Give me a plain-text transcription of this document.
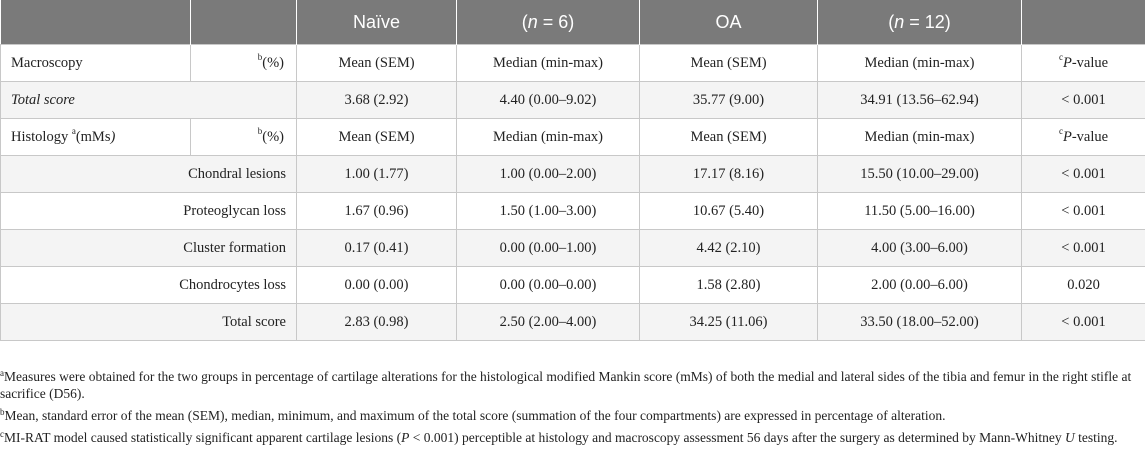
		Naïve	(n = 6)	OA	(n = 12)	
Macroscopy	$^b$(%)	Mean (SEM)	Median (min-max)	Mean (SEM)	Median (min-max)	$^c$P-value
Total score		3.68 (2.92)	4.40 (0.00–9.02)	35.77 (9.00)	34.91 (13.56–62.94)	< 0.001
Histology $^a$(mMs)	$^b$(%)	Mean (SEM)	Median (min-max)	Mean (SEM)	Median (min-max)	$^c$P-value
Chondral lesions		1.00 (1.77)	1.00 (0.00–2.00)	17.17 (8.16)	15.50 (10.00–29.00)	< 0.001
Proteoglycan loss		1.67 (0.96)	1.50 (1.00–3.00)	10.67 (5.40)	11.50 (5.00–16.00)	< 0.001
Cluster formation		0.17 (0.41)	0.00 (0.00–1.00)	4.42 (2.10)	4.00 (3.00–6.00)	< 0.001
Chondrocytes loss		0.00 (0.00)	0.00 (0.00–0.00)	1.58 (2.80)	2.00 (0.00–6.00)	0.020
Total score		2.83 (0.98)	2.50 (2.00–4.00)	34.25 (11.06)	33.50 (18.00–52.00)	< 0.001

$^a$Measures were obtained for the two groups in percentage of cartilage alterations for the histological modified Mankin score (mMs) of both the medial and lateral sides of the tibia and femur in the right stifle at sacrifice (D56).

$^b$Mean, standard error of the mean (SEM), median, minimum, and maximum of the total score (summation of the four compartments) are expressed in percentage of alteration.

$^c$MI-RAT model caused statistically significant apparent cartilage lesions (P < 0.001) perceptible at histology and macroscopy assessment 56 days after the surgery as determined by Mann-Whitney U testing.
